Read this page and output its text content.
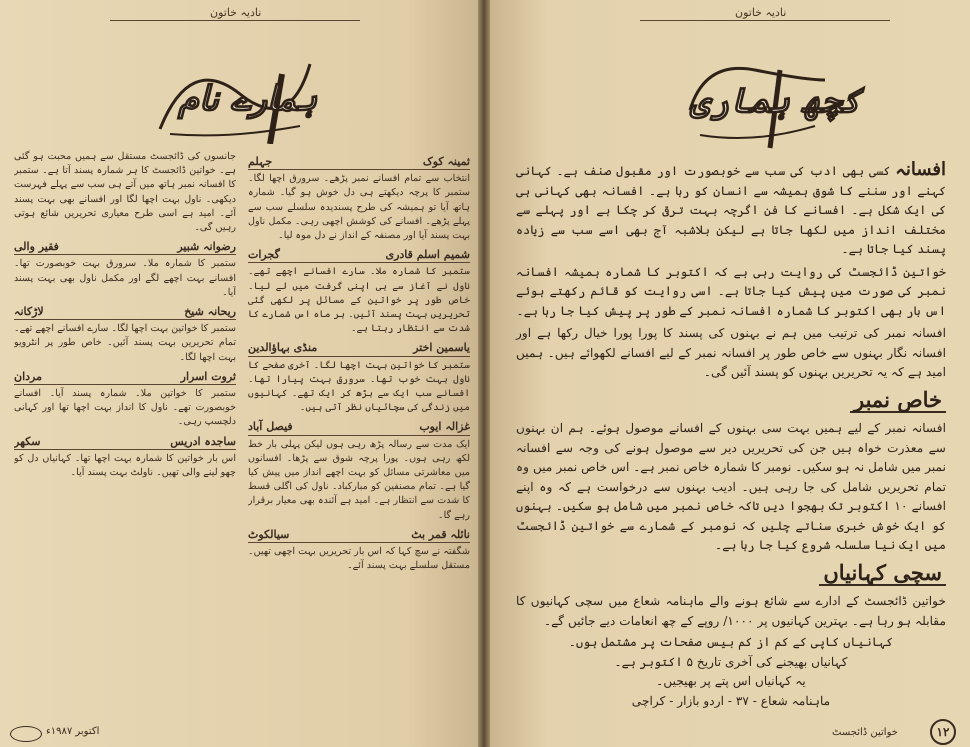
نادیہ خاتون
ہمارے نام
ثمینہ کوک
جہلم

انتخاب سے تمام افسانے نمبر پڑھے۔ سرورق اچھا لگا۔ ستمبر کا پرچہ دیکھتے ہی دل خوش ہو گیا۔ شمارہ ہاتھ آیا تو ہمیشہ کی طرح پسندیدہ سلسلے سب سے پہلے پڑھے۔ افسانے کی کوشش اچھی رہی۔ مکمل ناول بہت پسند آیا اور مصنفہ کے انداز نے دل موہ لیا۔

شمیم اسلم قادری
گجرات

ستمبر کا شمارہ ملا۔ سارے افسانے اچھے تھے۔ ناول نے آغاز سے ہی اپنی گرفت میں لے لیا۔ خاص طور پر خواتین کے مسائل پر لکھی گئی تحریریں بہت پسند آئیں۔ ہر ماہ اس شمارے کا شدت سے انتظار رہتا ہے۔

یاسمین اختر
منڈی بہاؤالدین

ستمبر کا خواتین بہت اچھا لگا۔ آخری صفحے کا ناول بہت خوب تھا۔ سرورق بہت پیارا تھا۔ افسانے سب ایک سے بڑھ کر ایک تھے۔ کہانیوں میں زندگی کی سچائیاں نظر آتی ہیں۔

غزالہ ایوب
فیصل آباد

ایک مدت سے رسالہ پڑھ رہی ہوں لیکن پہلی بار خط لکھ رہی ہوں۔ پورا پرچہ شوق سے پڑھا۔ افسانوں میں معاشرتی مسائل کو بہت اچھے انداز میں پیش کیا گیا ہے۔ تمام مصنفین کو مبارکباد۔ ناول کی اگلی قسط کا شدت سے انتظار ہے۔ امید ہے آئندہ بھی معیار برقرار رہے گا۔

نائلہ قمر بٹ
سیالکوٹ

شگفتہ نے سچ کہا کہ اس بار تحریریں بہت اچھی تھیں۔ مستقل سلسلے بہت پسند آئے۔

جانسوں کی ڈائجسٹ مستقل سے ہمیں محبت ہو گئی ہے۔ خواتین ڈائجسٹ کا ہر شمارہ پسند آتا ہے۔ ستمبر کا افسانہ نمبر ہاتھ میں آتے ہی سب سے پہلے فہرست دیکھی۔ ناول بہت اچھا لگا اور افسانے بھی بہت پسند آئے۔ امید ہے اسی طرح معیاری تحریریں شائع ہوتی رہیں گی۔

رضوانہ شبیر
فقیر والی

ستمبر کا شمارہ ملا۔ سرورق بہت خوبصورت تھا۔ افسانے بہت اچھے لگے اور مکمل ناول بھی بہت پسند آیا۔

ریحانہ شیخ
لاڑکانہ

ستمبر کا خواتین بہت اچھا لگا۔ سارے افسانے اچھے تھے۔ تمام تحریریں بہت پسند آئیں۔ خاص طور پر انٹرویو بہت اچھا لگا۔

ثروت اسرار
مردان

ستمبر کا خواتین ملا۔ شمارہ پسند آیا۔ افسانے خوبصورت تھے۔ ناول کا انداز بہت اچھا تھا اور کہانی دلچسپ رہی۔

ساجدہ ادریس
سکھر

اس بار خواتین کا شمارہ بہت اچھا تھا۔ کہانیاں دل کو چھو لینے والی تھیں۔ ناولٹ بہت پسند آیا۔

اکتوبر ۱۹۸۷ء
نادیہ خاتون
کچھ ہماری

افسانہ کسی بھی ادب کی سب سے خوبصورت اور مقبول صنف ہے۔ کہانی کہنے اور سننے کا شوق ہمیشہ سے انسان کو رہا ہے۔ افسانہ بھی کہانی ہی کی ایک شکل ہے۔ افسانے کا فن اگرچہ بہت ترقی کر چکا ہے اور پہلے سے مختلف انداز میں لکھا جاتا ہے لیکن بلاشبہ آج بھی اسے سب سے زیادہ پسند کیا جاتا ہے۔

خواتین ڈائجسٹ کی روایت رہی ہے کہ اکتوبر کا شمارہ ہمیشہ افسانہ نمبر کی صورت میں پیش کیا جاتا ہے۔ اسی روایت کو قائم رکھتے ہوئے اس بار بھی اکتوبر کا شمارہ افسانہ نمبر کے طور پر پیش کیا جا رہا ہے۔

افسانہ نمبر کی ترتیب میں ہم نے بہنوں کی پسند کا پورا پورا خیال رکھا ہے اور افسانہ نگار بہنوں سے خاص طور پر افسانہ نمبر کے لیے افسانے لکھوائے ہیں۔ ہمیں امید ہے کہ یہ تحریریں بہنوں کو پسند آئیں گی۔

خاص نمبر

افسانہ نمبر کے لیے ہمیں بہت سی بہنوں کے افسانے موصول ہوئے۔ ہم ان بہنوں سے معذرت خواہ ہیں جن کی تحریریں دیر سے موصول ہونے کی وجہ سے افسانہ نمبر میں شامل نہ ہو سکیں۔ نومبر کا شمارہ خاص نمبر ہے۔ اس خاص نمبر میں وہ تمام تحریریں شامل کی جا رہی ہیں۔ ادیب بہنوں سے درخواست ہے کہ وہ اپنے افسانے ۱۰ اکتوبر تک بھجوا دیں تاکہ خاص نمبر میں شامل ہو سکیں۔ بہنوں کو ایک خوش خبری سناتے چلیں کہ نومبر کے شمارے سے خواتین ڈائجسٹ میں ایک نیا سلسلہ شروع کیا جا رہا ہے۔

سچی کہانیاں

خواتین ڈائجسٹ کے ادارے سے شائع ہونے والے ماہنامہ شعاع میں سچی کہانیوں کا مقابلہ ہو رہا ہے۔ بہترین کہانیوں پر ۱۰۰۰/ روپے کے چھ انعامات دیے جائیں گے۔

کہانیاں کاپی کے کم از کم بیس صفحات پر مشتمل ہوں۔
کہانیاں بھیجنے کی آخری تاریخ ۵ اکتوبر ہے۔
یہ کہانیاں اس پتے پر بھیجیں۔
ماہنامہ شعاع - ۳۷ - اردو بازار - کراچی
خواتین ڈائجسٹ	۱۲
